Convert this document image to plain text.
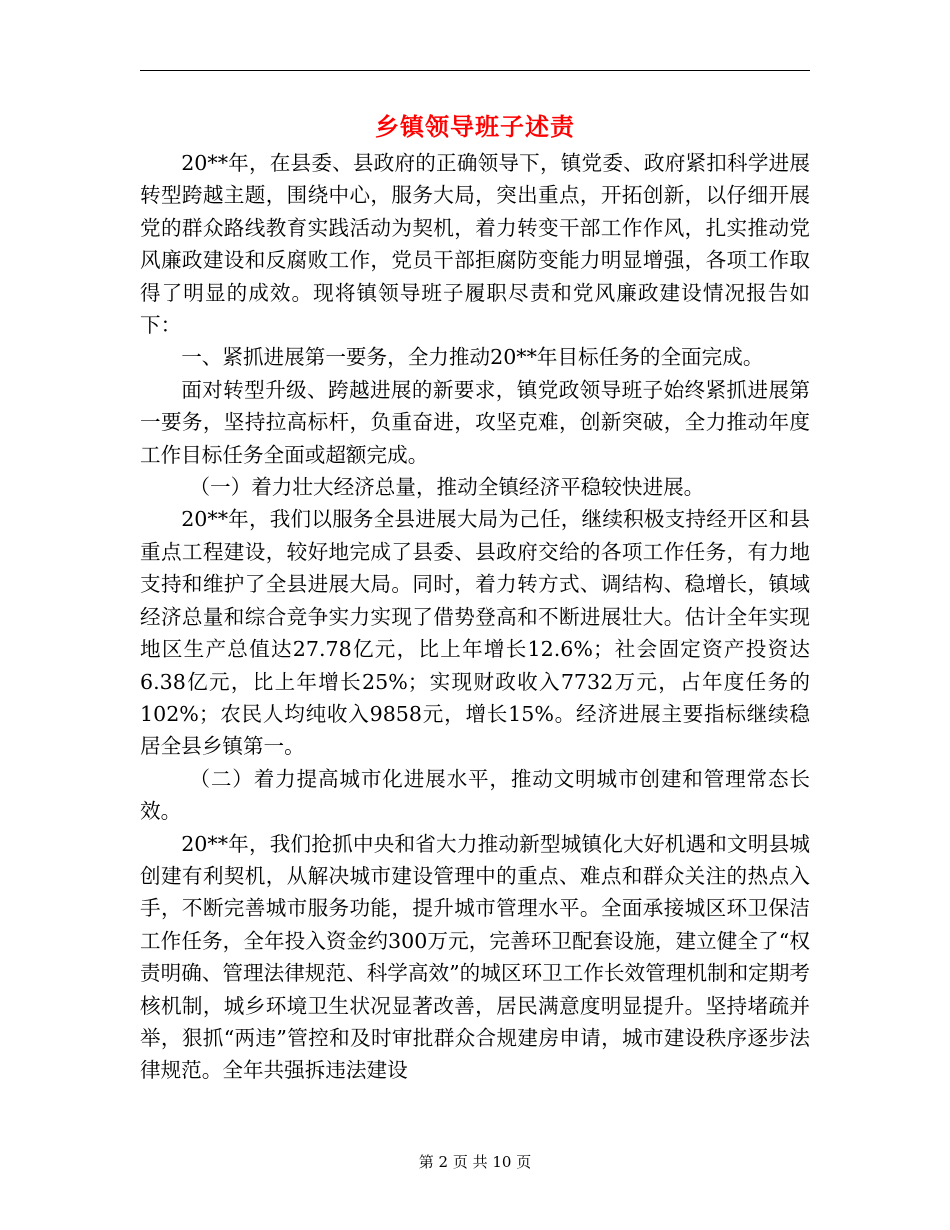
乡镇领导班子述责

20**年，在县委、县政府的正确领导下，镇党委、政府紧扣科学进展转型跨越主题，围绕中心，服务大局，突出重点，开拓创新，以仔细开展党的群众路线教育实践活动为契机，着力转变干部工作作风，扎实推动党风廉政建设和反腐败工作，党员干部拒腐防变能力明显增强，各项工作取得了明显的成效。现将镇领导班子履职尽责和党风廉政建设情况报告如下：

一、紧抓进展第一要务，全力推动20**年目标任务的全面完成。

面对转型升级、跨越进展的新要求，镇党政领导班子始终紧抓进展第一要务，坚持拉高标杆，负重奋进，攻坚克难，创新突破，全力推动年度工作目标任务全面或超额完成。

（一）着力壮大经济总量，推动全镇经济平稳较快进展。

20**年，我们以服务全县进展大局为己任，继续积极支持经开区和县重点工程建设，较好地完成了县委、县政府交给的各项工作任务，有力地支持和维护了全县进展大局。同时，着力转方式、调结构、稳增长，镇域经济总量和综合竞争实力实现了借势登高和不断进展壮大。估计全年实现地区生产总值达27.78亿元，比上年增长12.6%；社会固定资产投资达6.38亿元，比上年增长25%；实现财政收入7732万元，占年度任务的102%；农民人均纯收入9858元，增长15%。经济进展主要指标继续稳居全县乡镇第一。

（二）着力提高城市化进展水平，推动文明城市创建和管理常态长效。

20**年，我们抢抓中央和省大力推动新型城镇化大好机遇和文明县城创建有利契机，从解决城市建设管理中的重点、难点和群众关注的热点入手，不断完善城市服务功能，提升城市管理水平。全面承接城区环卫保洁工作任务，全年投入资金约300万元，完善环卫配套设施，建立健全了“权责明确、管理法律规范、科学高效”的城区环卫工作长效管理机制和定期考核机制，城乡环境卫生状况显著改善，居民满意度明显提升。坚持堵疏并举，狠抓“两违”管控和及时审批群众合规建房申请，城市建设秩序逐步法律规范。全年共强拆违法建设

第 2 页 共 10 页
